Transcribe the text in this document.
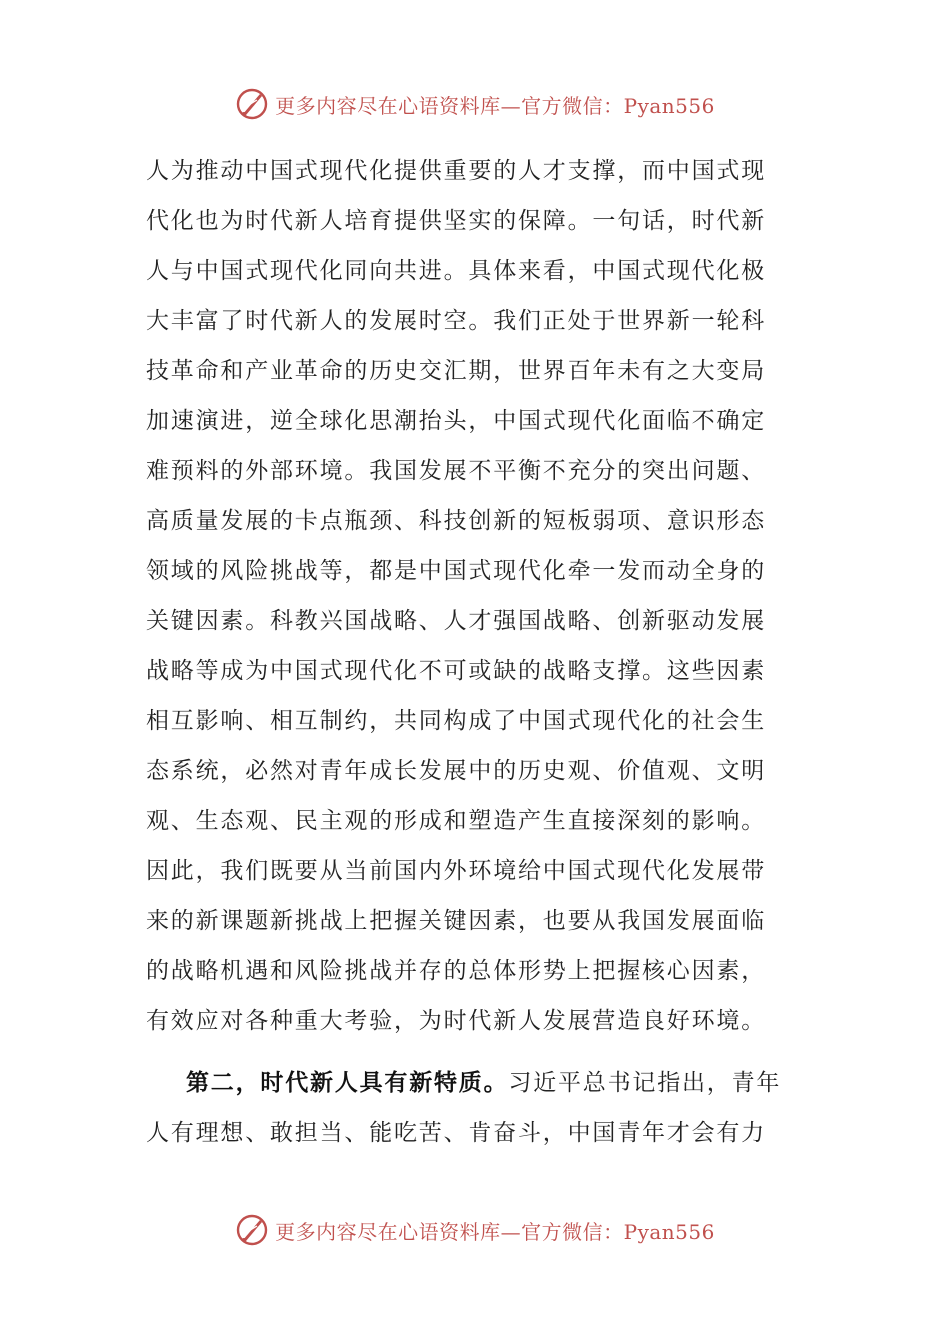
更多内容尽在心语资料库—官方微信：Pyan556
人为推动中国式现代化提供重要的人才支撑，而中国式现
代化也为时代新人培育提供坚实的保障。一句话，时代新
人与中国式现代化同向共进。具体来看，中国式现代化极
大丰富了时代新人的发展时空。我们正处于世界新一轮科
技革命和产业革命的历史交汇期，世界百年未有之大变局
加速演进，逆全球化思潮抬头，中国式现代化面临不确定
难预料的外部环境。我国发展不平衡不充分的突出问题、
高质量发展的卡点瓶颈、科技创新的短板弱项、意识形态
领域的风险挑战等，都是中国式现代化牵一发而动全身的
关键因素。科教兴国战略、人才强国战略、创新驱动发展
战略等成为中国式现代化不可或缺的战略支撑。这些因素
相互影响、相互制约，共同构成了中国式现代化的社会生
态系统，必然对青年成长发展中的历史观、价值观、文明
观、生态观、民主观的形成和塑造产生直接深刻的影响。
因此，我们既要从当前国内外环境给中国式现代化发展带
来的新课题新挑战上把握关键因素，也要从我国发展面临
的战略机遇和风险挑战并存的总体形势上把握核心因素，
有效应对各种重大考验，为时代新人发展营造良好环境。
第二，时代新人具有新特质。习近平总书记指出，青年
人有理想、敢担当、能吃苦、肯奋斗，中国青年才会有力
更多内容尽在心语资料库—官方微信：Pyan556
